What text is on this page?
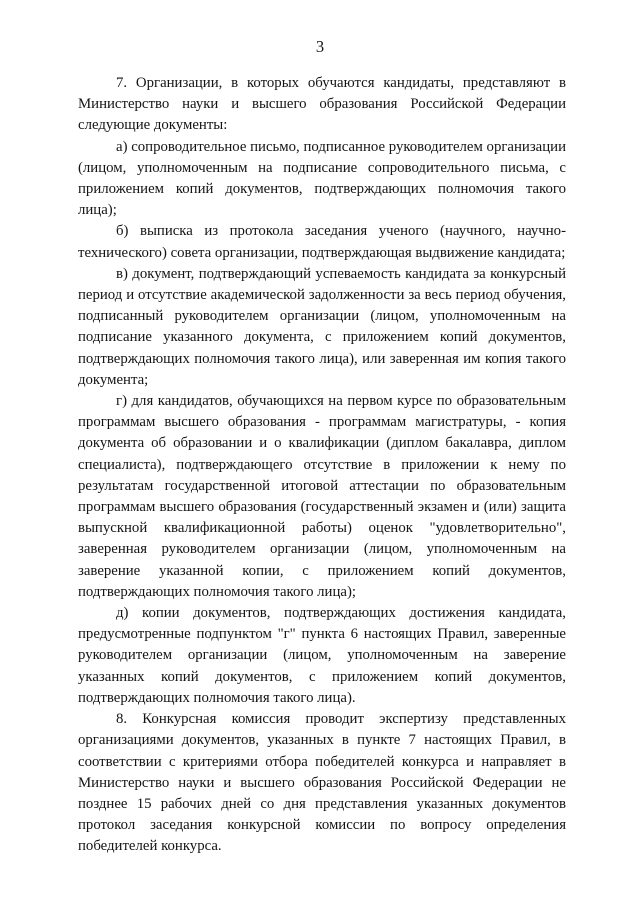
3

7. Организации, в которых обучаются кандидаты, представляют в Министерство науки и высшего образования Российской Федерации следующие документы:

а) сопроводительное письмо, подписанное руководителем организации (лицом, уполномоченным на подписание сопроводительного письма, с приложением копий документов, подтверждающих полномочия такого лица);

б) выписка из протокола заседания ученого (научного, научно-технического) совета организации, подтверждающая выдвижение кандидата;

в) документ, подтверждающий успеваемость кандидата за конкурсный период и отсутствие академической задолженности за весь период обучения, подписанный руководителем организации (лицом, уполномоченным на подписание указанного документа, с приложением копий документов, подтверждающих полномочия такого лица), или заверенная им копия такого документа;

г) для кандидатов, обучающихся на первом курсе по образовательным программам высшего образования - программам магистратуры, - копия документа об образовании и о квалификации (диплом бакалавра, диплом специалиста), подтверждающего отсутствие в приложении к нему по результатам государственной итоговой аттестации по образовательным программам высшего образования (государственный экзамен и (или) защита выпускной квалификационной работы) оценок "удовлетворительно", заверенная руководителем организации (лицом, уполномоченным на заверение указанной копии, с приложением копий документов, подтверждающих полномочия такого лица);

д) копии документов, подтверждающих достижения кандидата, предусмотренные подпунктом "г" пункта 6 настоящих Правил, заверенные руководителем организации (лицом, уполномоченным на заверение указанных копий документов, с приложением копий документов, подтверждающих полномочия такого лица).

8. Конкурсная комиссия проводит экспертизу представленных организациями документов, указанных в пункте 7 настоящих Правил, в соответствии с критериями отбора победителей конкурса и направляет в Министерство науки и высшего образования Российской Федерации не позднее 15 рабочих дней со дня представления указанных документов протокол заседания конкурсной комиссии по вопросу определения победителей конкурса.
